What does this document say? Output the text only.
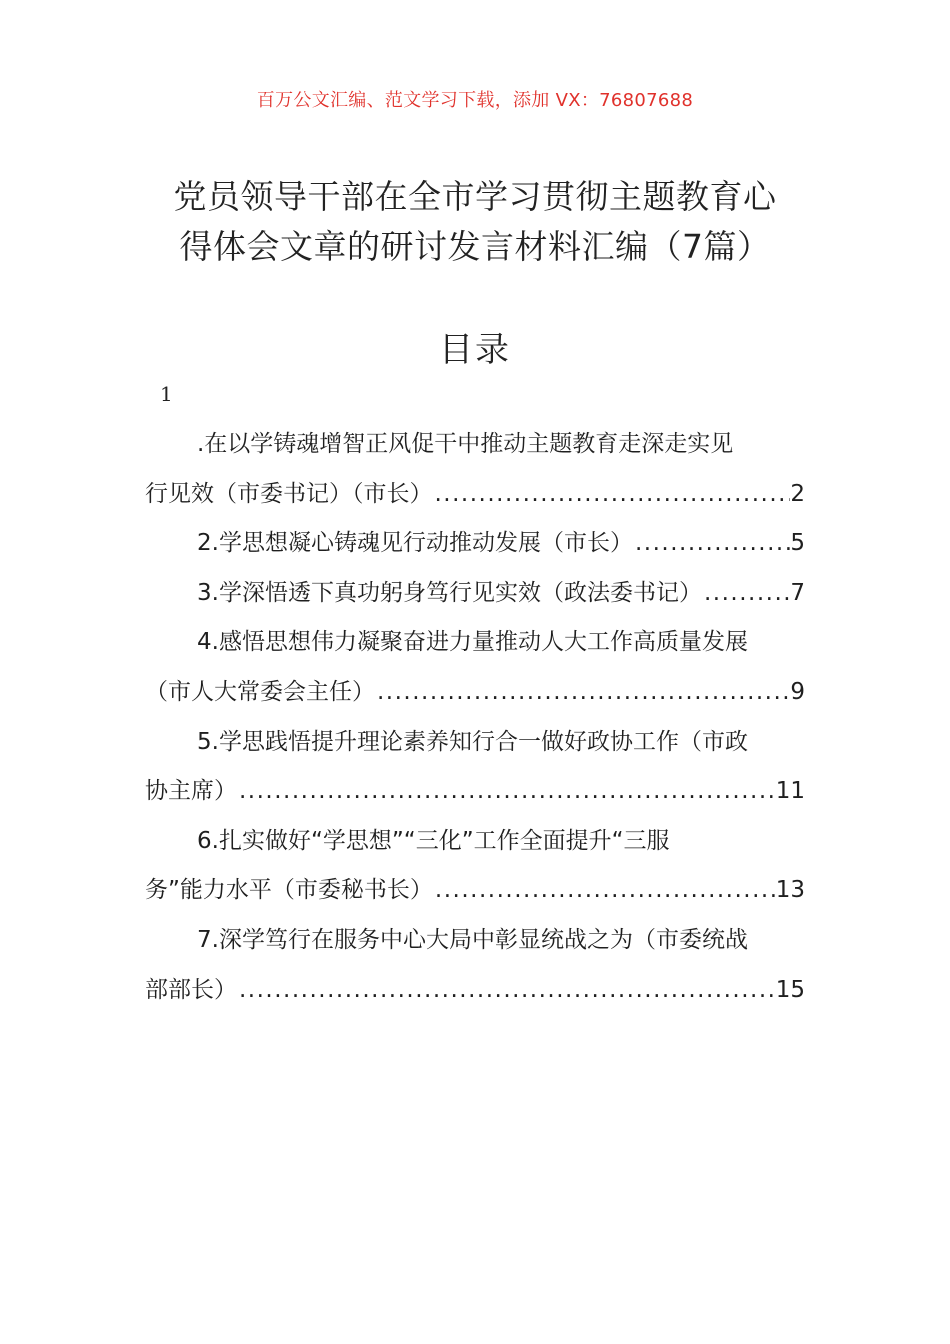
百万公文汇编、范文学习下载，添加 VX：76807688
党员领导干部在全市学习贯彻主题教育心
得体会文章的研讨发言材料汇编（7篇）
目录
1
.在以学铸魂增智正风促干中推动主题教育走深走实见
行见效（市委书记）（市长） .....	2
2.学思想凝心铸魂见行动推动发展（市长） .....	5
3.学深悟透下真功躬身笃行见实效（政法委书记） .....	7
4.感悟思想伟力凝聚奋进力量推动人大工作高质量发展
（市人大常委会主任） .....	9
5.学思践悟提升理论素养知行合一做好政协工作（市政
协主席） .....	11
6.扎实做好“学思想”“三化”工作全面提升“三服
务”能力水平（市委秘书长） .....	13
7.深学笃行在服务中心大局中彰显统战之为（市委统战
部部长） .....	15
